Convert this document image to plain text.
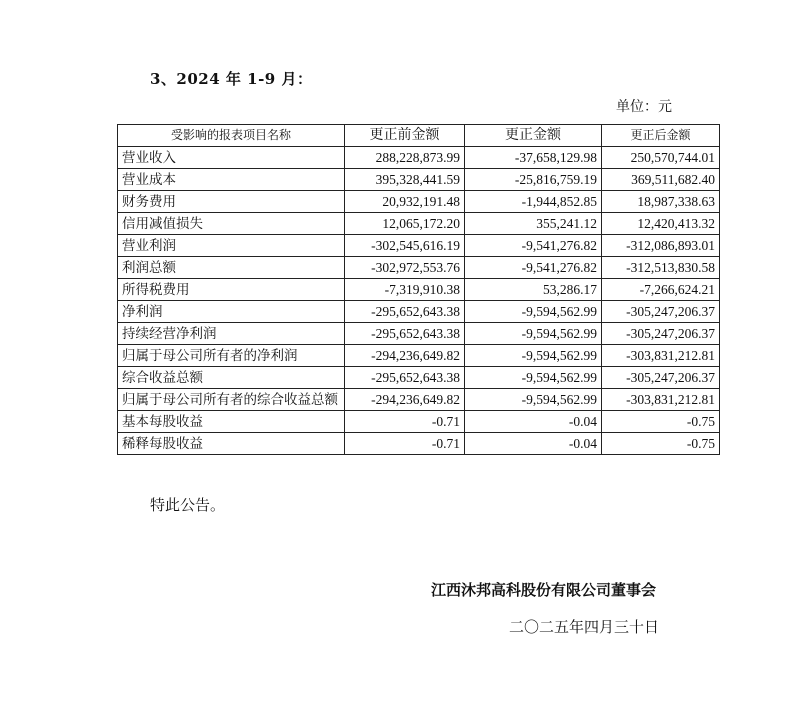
3、2024 年 1-9 月：
单位：元
受影响的报表项目名称	更正前金额	更正金额	更正后金额
营业收入	288,228,873.99	-37,658,129.98	250,570,744.01
营业成本	395,328,441.59	-25,816,759.19	369,511,682.40
财务费用	20,932,191.48	-1,944,852.85	18,987,338.63
信用减值损失	12,065,172.20	355,241.12	12,420,413.32
营业利润	-302,545,616.19	-9,541,276.82	-312,086,893.01
利润总额	-302,972,553.76	-9,541,276.82	-312,513,830.58
所得税费用	-7,319,910.38	53,286.17	-7,266,624.21
净利润	-295,652,643.38	-9,594,562.99	-305,247,206.37
持续经营净利润	-295,652,643.38	-9,594,562.99	-305,247,206.37
归属于母公司所有者的净利润	-294,236,649.82	-9,594,562.99	-303,831,212.81
综合收益总额	-295,652,643.38	-9,594,562.99	-305,247,206.37
归属于母公司所有者的综合收益总额	-294,236,649.82	-9,594,562.99	-303,831,212.81
基本每股收益	-0.71	-0.04	-0.75
稀释每股收益	-0.71	-0.04	-0.75
特此公告。
江西沐邦高科股份有限公司董事会
二〇二五年四月三十日
